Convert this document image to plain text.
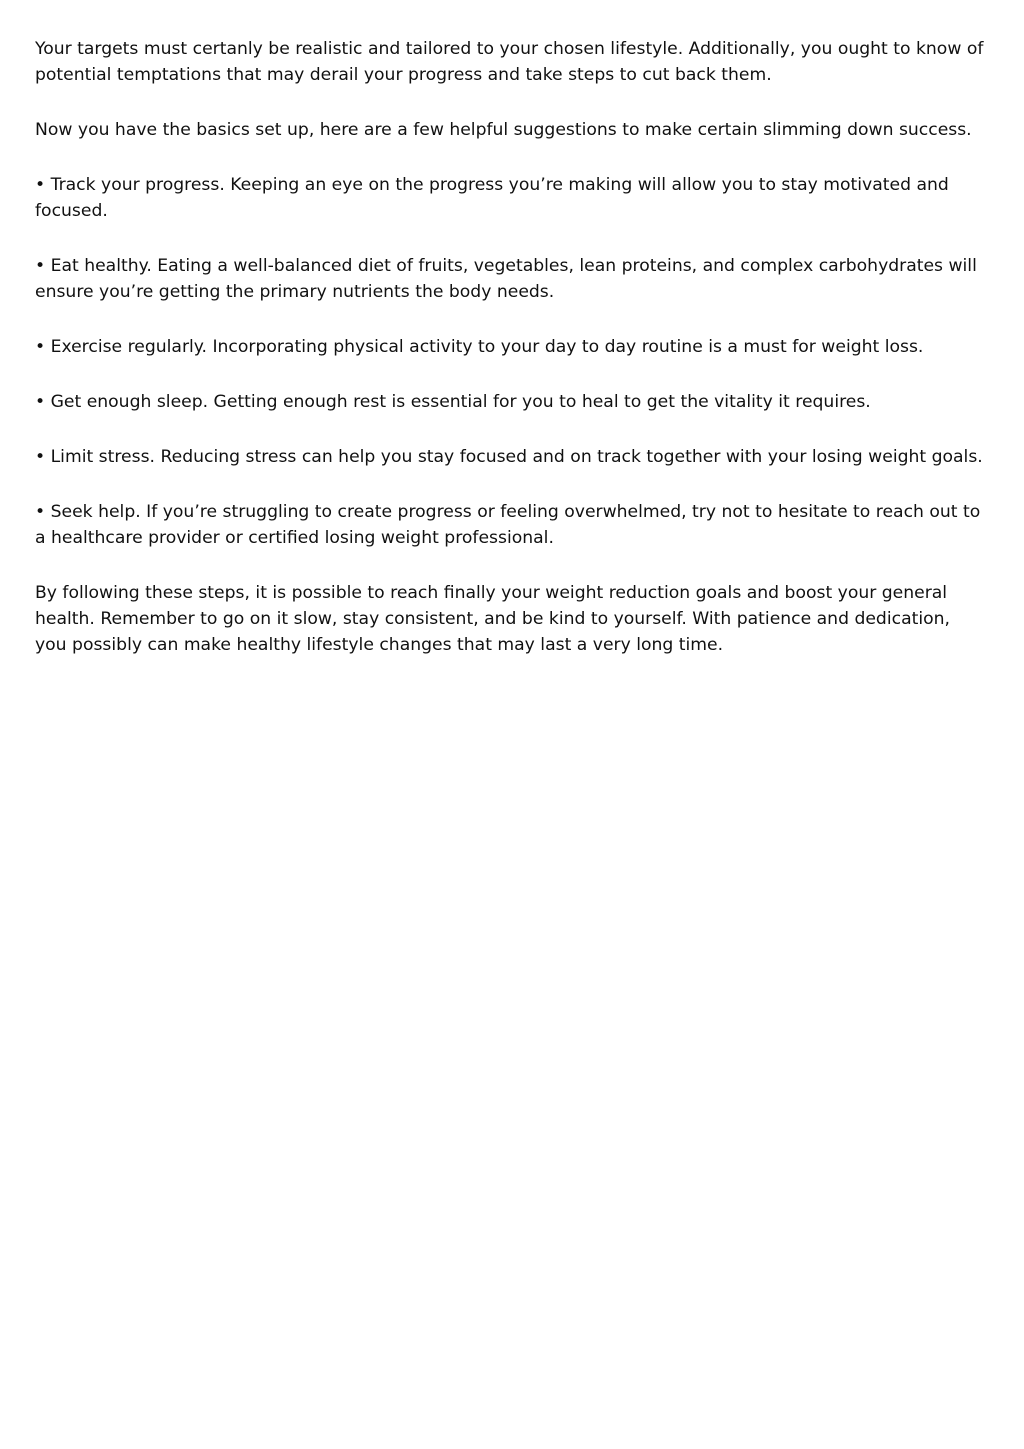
Your targets must certanly be realistic and tailored to your chosen lifestyle. Additionally, you ought to know of potential temptations that may derail your progress and take steps to cut back them.

Now you have the basics set up, here are a few helpful suggestions to make certain slimming down success.

• Track your progress. Keeping an eye on the progress you’re making will allow you to stay motivated and focused.

• Eat healthy. Eating a well-balanced diet of fruits, vegetables, lean proteins, and complex carbohydrates will ensure you’re getting the primary nutrients the body needs.

• Exercise regularly. Incorporating physical activity to your day to day routine is a must for weight loss.

• Get enough sleep. Getting enough rest is essential for you to heal to get the vitality it requires.

• Limit stress. Reducing stress can help you stay focused and on track together with your losing weight goals.

• Seek help. If you’re struggling to create progress or feeling overwhelmed, try not to hesitate to reach out to a healthcare provider or certified losing weight professional.

By following these steps, it is possible to reach finally your weight reduction goals and boost your general health. Remember to go on it slow, stay consistent, and be kind to yourself. With patience and dedication, you possibly can make healthy lifestyle changes that may last a very long time.
